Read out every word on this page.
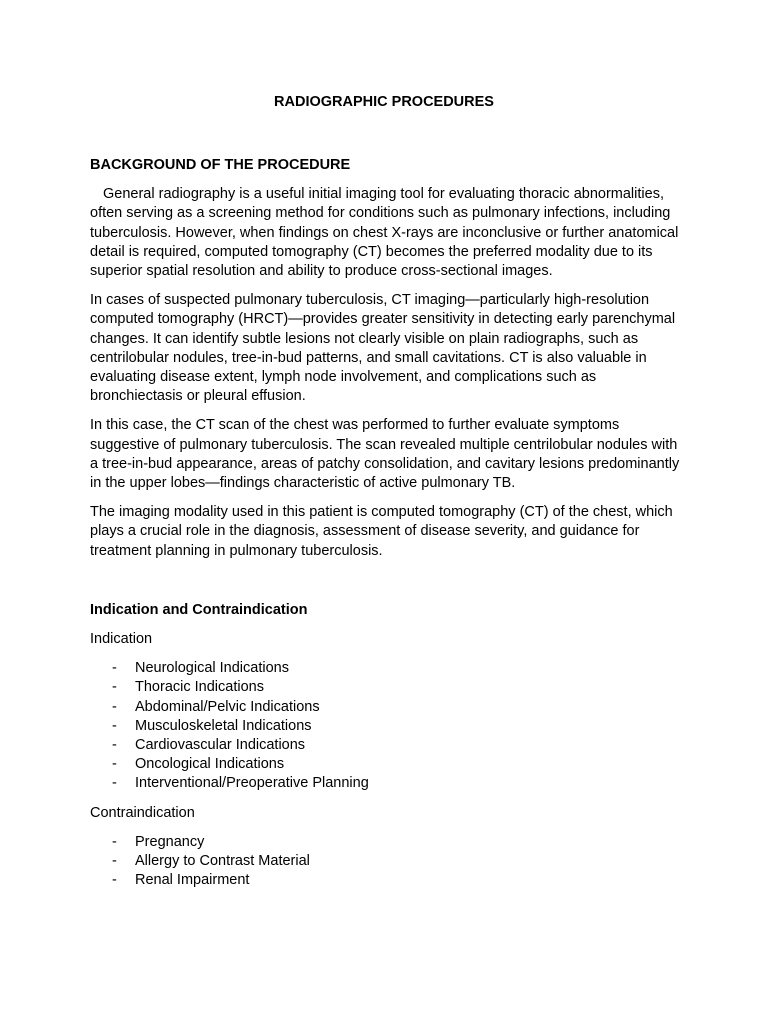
RADIOGRAPHIC PROCEDURES
BACKGROUND OF THE PROCEDURE

General radiography is a useful initial imaging tool for evaluating thoracic abnormalities, often serving as a screening method for conditions such as pulmonary infections, including tuberculosis. However, when findings on chest X-rays are inconclusive or further anatomical detail is required, computed tomography (CT) becomes the preferred modality due to its superior spatial resolution and ability to produce cross-sectional images.

In cases of suspected pulmonary tuberculosis, CT imaging—particularly high-resolution computed tomography (HRCT)—provides greater sensitivity in detecting early parenchymal changes. It can identify subtle lesions not clearly visible on plain radiographs, such as centrilobular nodules, tree-in-bud patterns, and small cavitations. CT is also valuable in evaluating disease extent, lymph node involvement, and complications such as bronchiectasis or pleural effusion.

In this case, the CT scan of the chest was performed to further evaluate symptoms suggestive of pulmonary tuberculosis. The scan revealed multiple centrilobular nodules with a tree-in-bud appearance, areas of patchy consolidation, and cavitary lesions predominantly in the upper lobes—findings characteristic of active pulmonary TB.

The imaging modality used in this patient is computed tomography (CT) of the chest, which plays a crucial role in the diagnosis, assessment of disease severity, and guidance for treatment planning in pulmonary tuberculosis.

Indication and Contraindication
Indication
- Neurological Indications
- Thoracic Indications
- Abdominal/Pelvic Indications
- Musculoskeletal Indications
- Cardiovascular Indications
- Oncological Indications
- Interventional/Preoperative Planning
Contraindication
- Pregnancy
- Allergy to Contrast Material
- Renal Impairment
